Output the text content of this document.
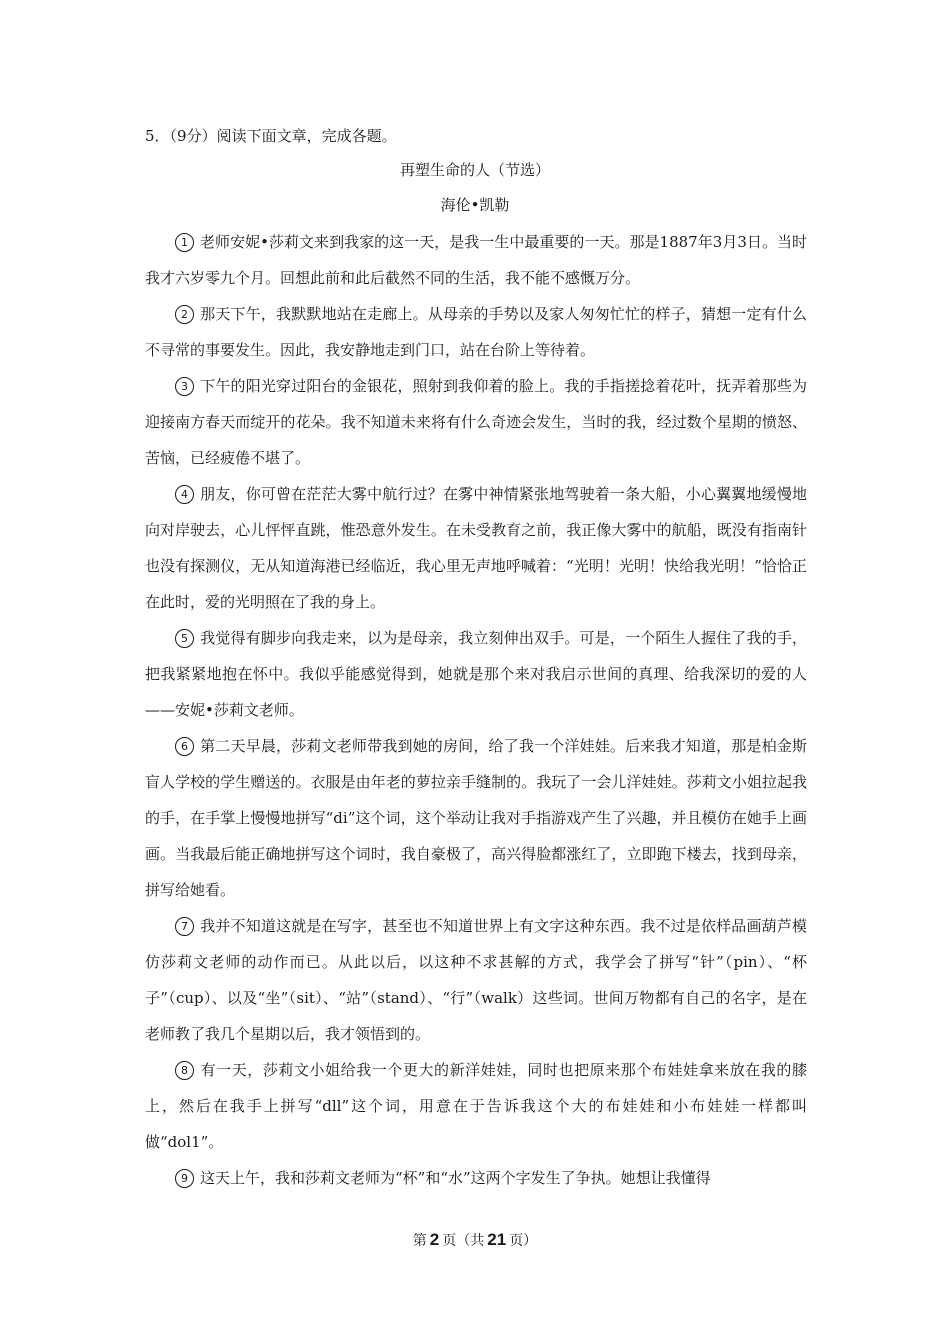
5．（9分）阅读下面文章，完成各题。
再塑生命的人（节选）
海伦•凯勒

1 老师安妮•莎莉文来到我家的这一天，是我一生中最重要的一天。那是1887年3月3日。当时我才六岁零九个月。回想此前和此后截然不同的生活，我不能不感慨万分。

2 那天下午，我默默地站在走廊上。从母亲的手势以及家人匆匆忙忙的样子，猜想一定有什么不寻常的事要发生。因此，我安静地走到门口，站在台阶上等待着。

3 下午的阳光穿过阳台的金银花，照射到我仰着的脸上。我的手指搓捻着花叶，抚弄着那些为迎接南方春天而绽开的花朵。我不知道未来将有什么奇迹会发生，当时的我，经过数个星期的愤怒、苦恼，已经疲倦不堪了。

4 朋友，你可曾在茫茫大雾中航行过？在雾中神情紧张地驾驶着一条大船，小心翼翼地缓慢地向对岸驶去，心儿怦怦直跳，惟恐意外发生。在未受教育之前，我正像大雾中的航船，既没有指南针也没有探测仪，无从知道海港已经临近，我心里无声地呼喊着：“光明！光明！快给我光明！”恰恰正在此时，爱的光明照在了我的身上。

5 我觉得有脚步向我走来，以为是母亲，我立刻伸出双手。可是，一个陌生人握住了我的手，把我紧紧地抱在怀中。我似乎能感觉得到，她就是那个来对我启示世间的真理、给我深切的爱的人——安妮•莎莉文老师。

6 第二天早晨，莎莉文老师带我到她的房间，给了我一个洋娃娃。后来我才知道，那是柏金斯盲人学校的学生赠送的。衣服是由年老的萝拉亲手缝制的。我玩了一会儿洋娃娃。莎莉文小姐拉起我的手，在手掌上慢慢地拼写“di”这个词，这个举动让我对手指游戏产生了兴趣，并且模仿在她手上画画。当我最后能正确地拼写这个词时，我自豪极了，高兴得脸都涨红了，立即跑下楼去，找到母亲，拼写给她看。

7 我并不知道这就是在写字，甚至也不知道世界上有文字这种东西。我不过是依样品画葫芦模仿莎莉文老师的动作而已。从此以后，以这种不求甚解的方式，我学会了拼写“针”（pin）、“杯子”（cup）、以及“坐”（sit）、“站”（stand）、“行”（walk）这些词。世间万物都有自己的名字，是在老师教了我几个星期以后，我才领悟到的。

8 有一天，莎莉文小姐给我一个更大的新洋娃娃，同时也把原来那个布娃娃拿来放在我的膝上，然后在我手上拼写“dll”这个词，用意在于告诉我这个大的布娃娃和小布娃娃一样都叫做“dol1”。

9 这天上午，我和莎莉文老师为“杯”和“水”这两个字发生了争执。她想让我懂得

第 2 页（共 21 页）
